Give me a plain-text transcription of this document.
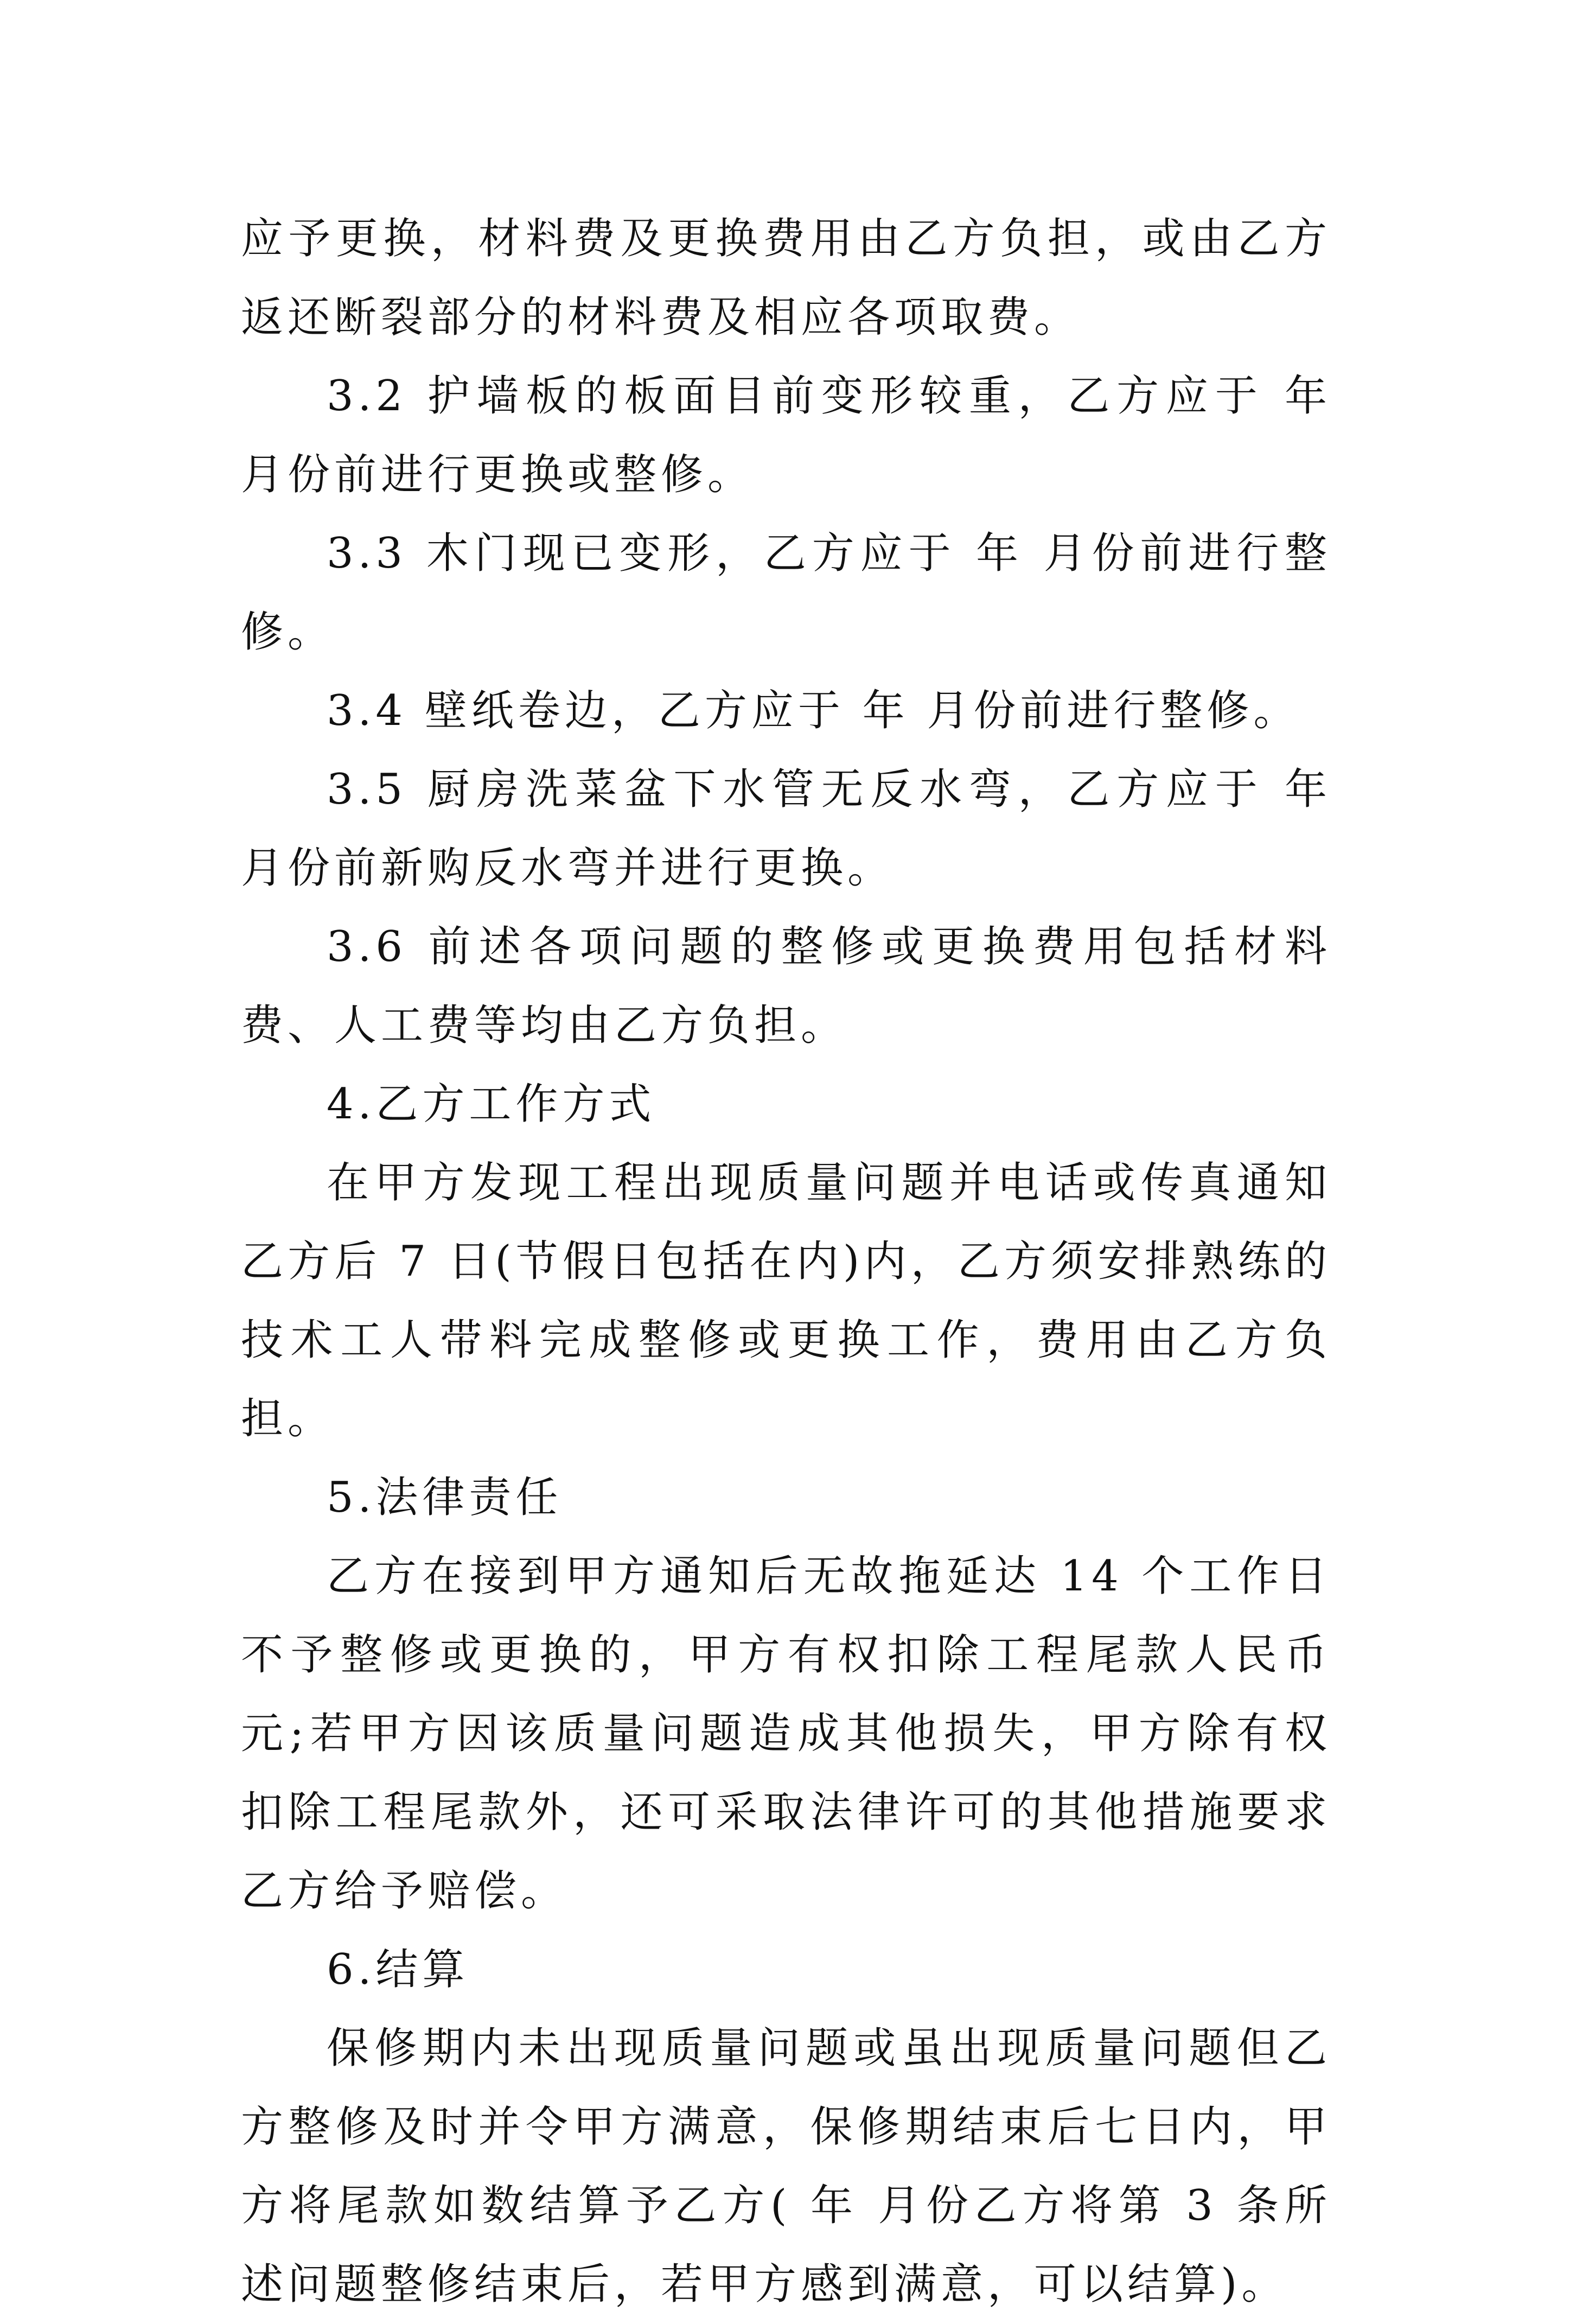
应予更换，材料费及更换费用由乙方负担，或由乙方返还断裂部分的材料费及相应各项取费。

3.2 护墙板的板面目前变形较重，乙方应于 年 月份前进行更换或整修。

3.3 木门现已变形，乙方应于 年 月份前进行整修。

3.4 壁纸卷边，乙方应于 年 月份前进行整修。

3.5 厨房洗菜盆下水管无反水弯，乙方应于 年 月份前新购反水弯并进行更换。

3.6 前述各项问题的整修或更换费用包括材料费、人工费等均由乙方负担。

4.乙方工作方式

在甲方发现工程出现质量问题并电话或传真通知乙方后 7 日(节假日包括在内)内，乙方须安排熟练的技术工人带料完成整修或更换工作，费用由乙方负担。

5.法律责任

乙方在接到甲方通知后无故拖延达 14 个工作日不予整修或更换的，甲方有权扣除工程尾款人民币 元;若甲方因该质量问题造成其他损失，甲方除有权扣除工程尾款外，还可采取法律许可的其他措施要求乙方给予赔偿。

6.结算

保修期内未出现质量问题或虽出现质量问题但乙方整修及时并令甲方满意，保修期结束后七日内，甲方将尾款如数结算予乙方( 年 月份乙方将第 3 条所述问题整修结束后，若甲方感到满意，可以结算)。
